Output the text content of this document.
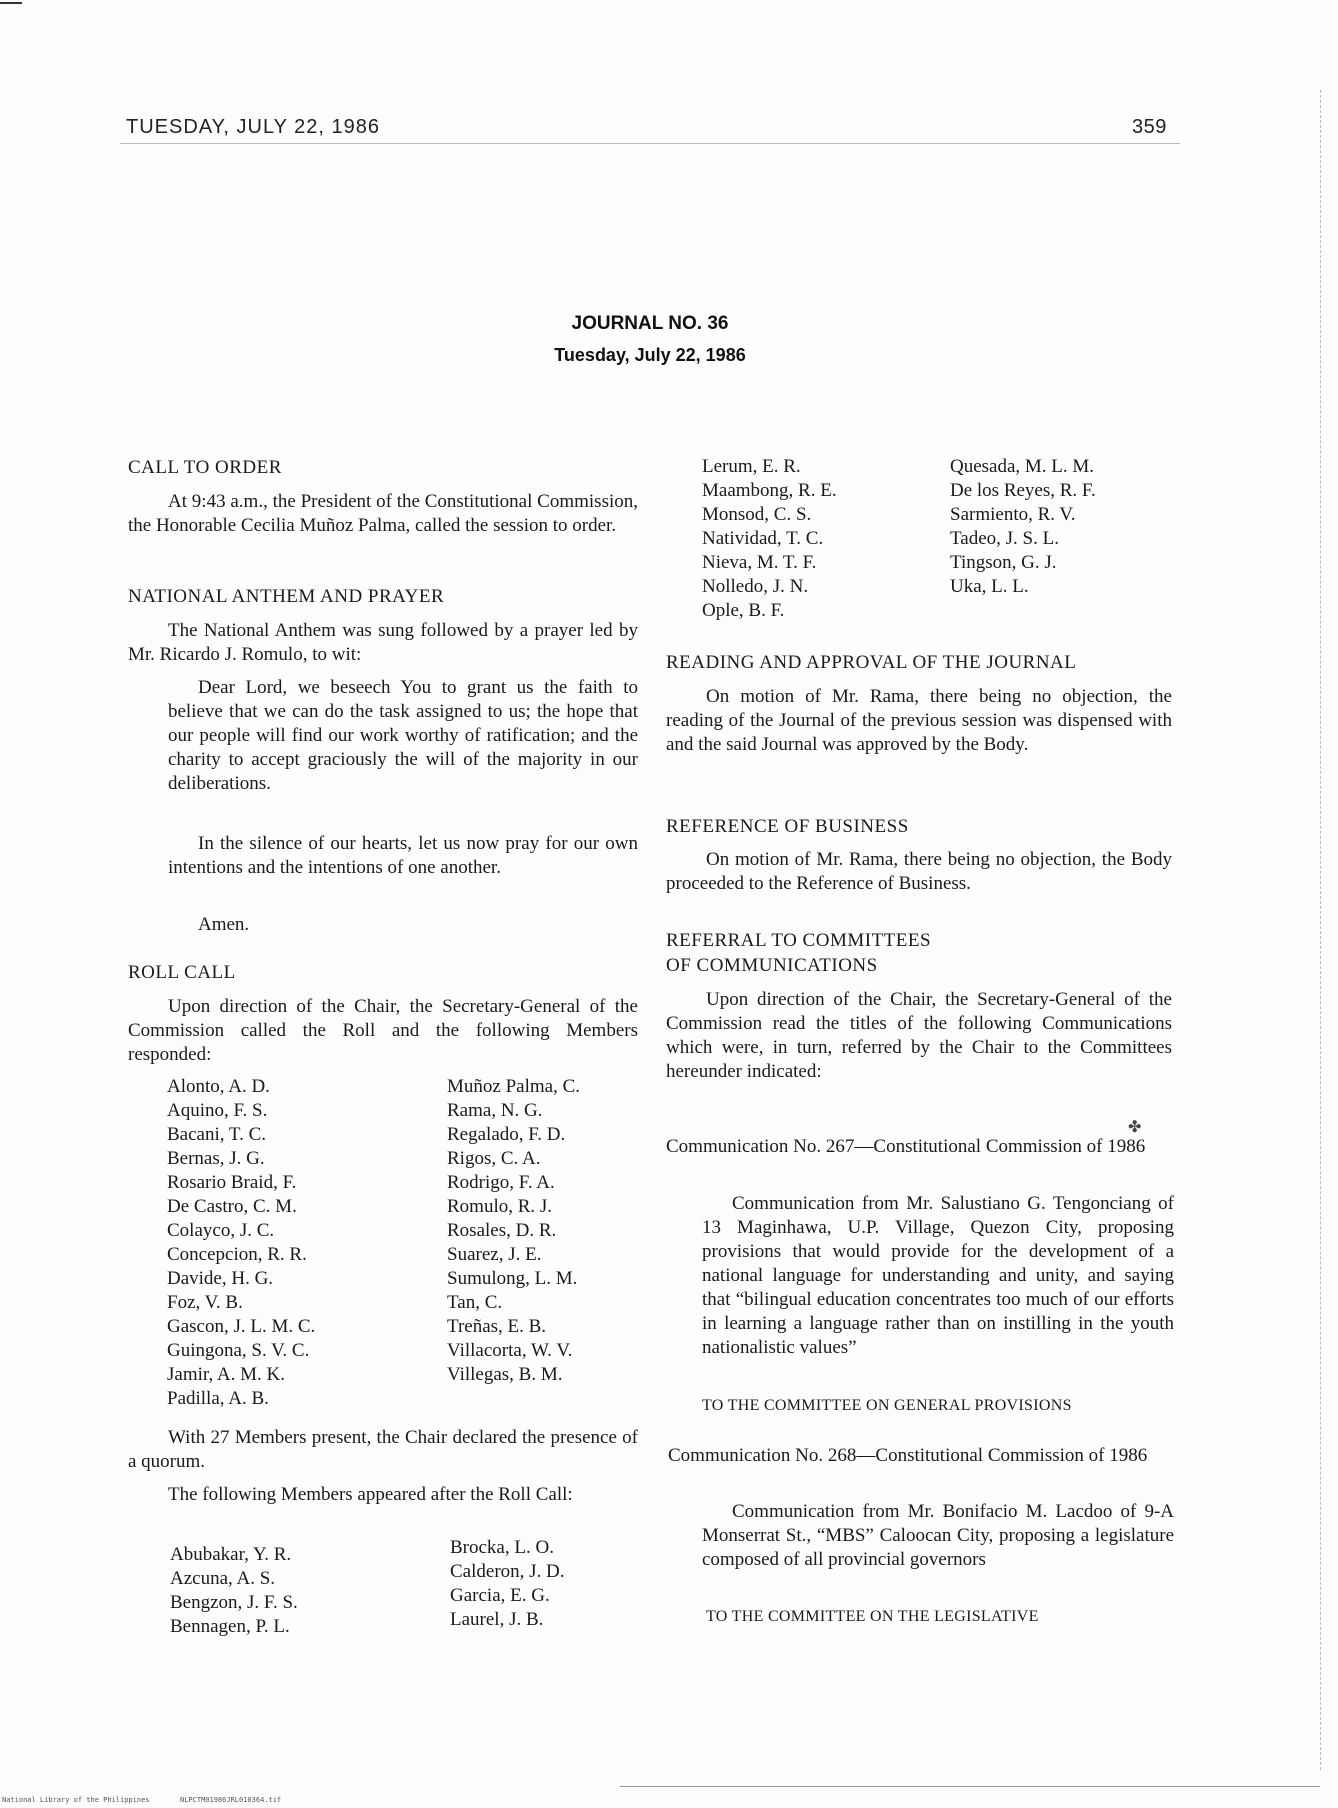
TUESDAY, JULY 22, 1986	359
JOURNAL NO. 36
Tuesday, July 22, 1986
CALL TO ORDER
At 9:43 a.m., the President of the Constitutional Commission, the Honorable Cecilia Muñoz Palma, called the session to order.
NATIONAL ANTHEM AND PRAYER
The National Anthem was sung followed by a prayer led by Mr. Ricardo J. Romulo, to wit:
Dear Lord, we beseech You to grant us the faith to believe that we can do the task assigned to us; the hope that our people will find our work worthy of ratification; and the charity to accept graciously the will of the majority in our deliberations.
In the silence of our hearts, let us now pray for our own intentions and the intentions of one another.
Amen.
ROLL CALL
Upon direction of the Chair, the Secretary-General of the Commission called the Roll and the following Members responded:
Alonto, A. D.
Aquino, F. S.
Bacani, T. C.
Bernas, J. G.
Rosario Braid, F.
De Castro, C. M.
Colayco, J. C.
Concepcion, R. R.
Davide, H. G.
Foz, V. B.
Gascon, J. L. M. C.
Guingona, S. V. C.
Jamir, A. M. K.
Padilla, A. B.
Muñoz Palma, C.
Rama, N. G.
Regalado, F. D.
Rigos, C. A.
Rodrigo, F. A.
Romulo, R. J.
Rosales, D. R.
Suarez, J. E.
Sumulong, L. M.
Tan, C.
Treñas, E. B.
Villacorta, W. V.
Villegas, B. M.
With 27 Members present, the Chair declared the presence of a quorum.
The following Members appeared after the Roll Call:
Abubakar, Y. R.
Azcuna, A. S.
Bengzon, J. F. S.
Bennagen, P. L.
Brocka, L. O.
Calderon, J. D.
Garcia, E. G.
Laurel, J. B.
Lerum, E. R.
Maambong, R. E.
Monsod, C. S.
Natividad, T. C.
Nieva, M. T. F.
Nolledo, J. N.
Ople, B. F.
Quesada, M. L. M.
De los Reyes, R. F.
Sarmiento, R. V.
Tadeo, J. S. L.
Tingson, G. J.
Uka, L. L.
READING AND APPROVAL OF THE JOURNAL
On motion of Mr. Rama, there being no objection, the reading of the Journal of the previous session was dispensed with and the said Journal was approved by the Body.
REFERENCE OF BUSINESS
On motion of Mr. Rama, there being no objection, the Body proceeded to the Reference of Business.
REFERRAL TO COMMITTEES
OF COMMUNICATIONS
Upon direction of the Chair, the Secretary-General of the Commission read the titles of the following Communications which were, in turn, referred by the Chair to the Committees hereunder indicated:
✤
Communication No. 267—Constitutional Commission of 1986
Communication from Mr. Salustiano G. Tengonciang of 13 Maginhawa, U.P. Village, Quezon City, proposing provisions that would provide for the development of a national language for understanding and unity, and saying that “bilingual education concentrates too much of our efforts in learning a language rather than on instilling in the youth nationalistic values”
TO THE COMMITTEE ON GENERAL PROVISIONS
Communication No. 268—Constitutional Commission of 1986
Communication from Mr. Bonifacio M. Lacdoo of 9-A Monserrat St., “MBS” Caloocan City, proposing a legislature composed of all provincial governors
TO THE COMMITTEE ON THE LEGISLATIVE
National Library of the Philippines	NLPCTM01986JRL010364.tif
